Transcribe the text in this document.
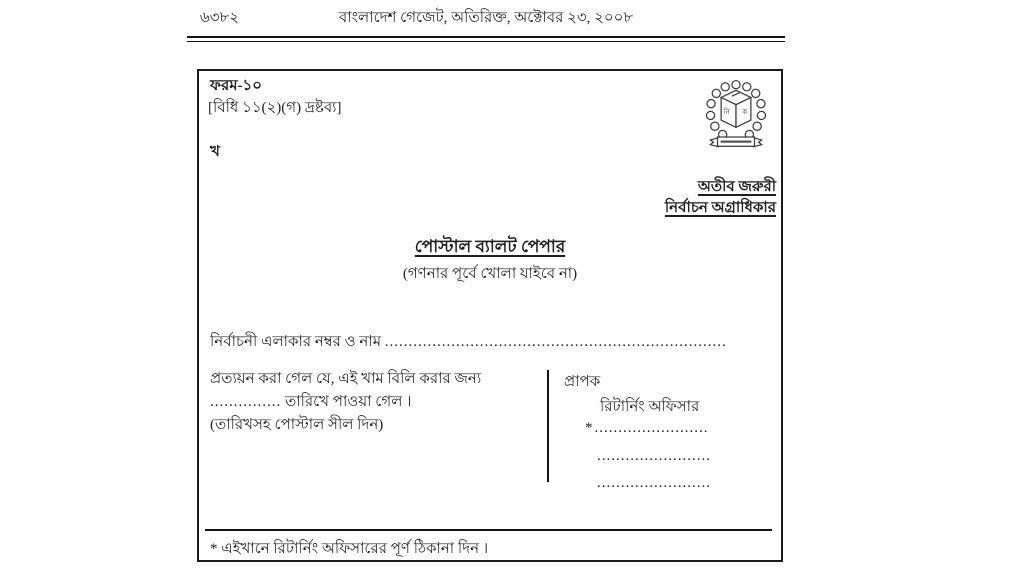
৬৩৮২	বাংলাদেশ গেজেট, অতিরিক্ত, অক্টোবর ২৩, ২০০৮
ফরম-১০
[বিধি ১১(২)(গ) দ্রষ্টব্য]
খ
নি ক
অতীব জরুরী
নির্বাচন অগ্রাধিকার
পোস্টাল ব্যালট পেপার
(গণনার পূর্বে খোলা যাইবে না)
নির্বাচনী এলাকার নম্বর ও নাম ........................................................................
প্রত্যয়ন করা গেল যে, এই খাম বিলি করার জন্য
............... তারিখে পাওয়া গেল ।
(তারিখসহ পোস্টাল সীল দিন)
প্রাপক
রিটার্নিং অফিসার
* ........................
........................
........................
* এইখানে রিটার্নিং অফিসারের পূর্ণ ঠিকানা দিন ।
